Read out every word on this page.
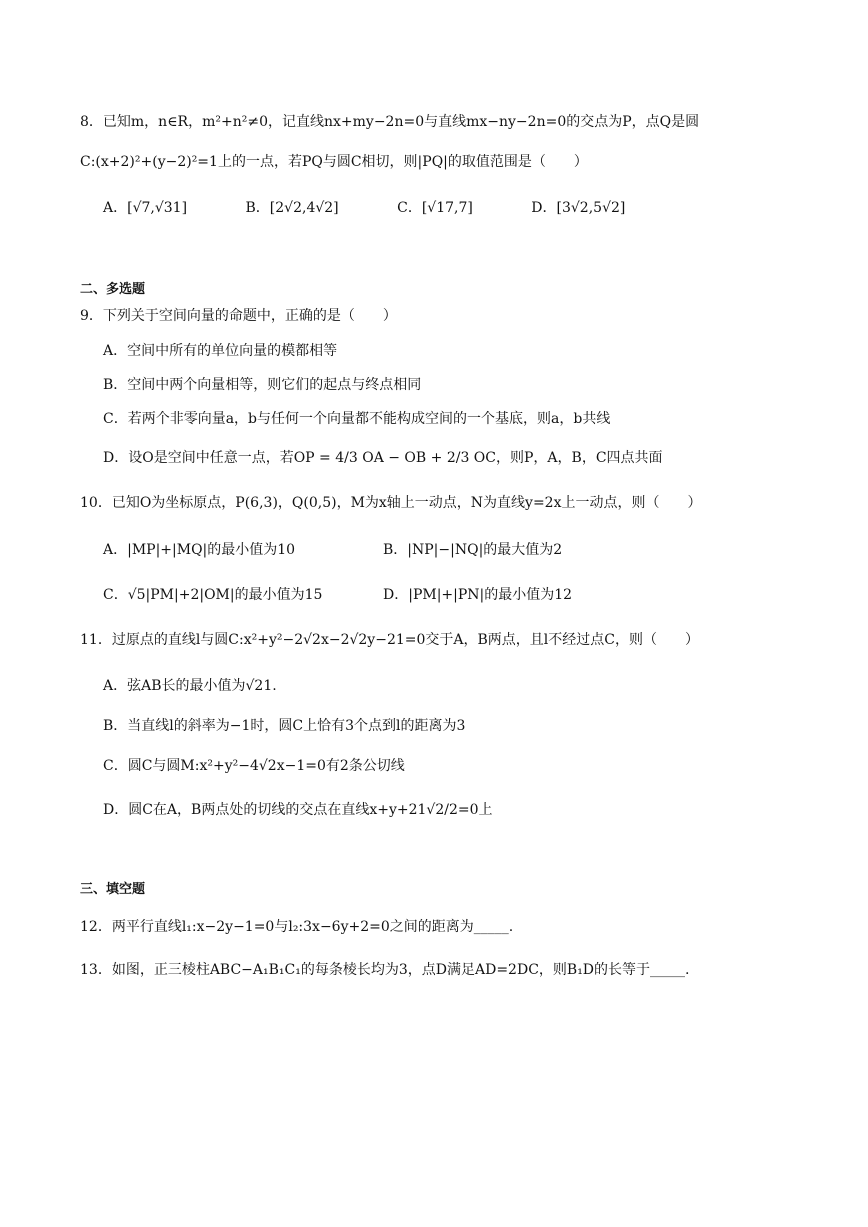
8．已知m，n∈R，m²+n²≠0，记直线nx+my−2n=0与直线mx−ny−2n=0的交点为P，点Q是圆
C:(x+2)²+(y−2)²=1上的一点，若PQ与圆C相切，则|PQ|的取值范围是（　　）
A．[√7,√31]	B．[2√2,4√2]	C．[√17,7]	D．[3√2,5√2]
二、多选题
9．下列关于空间向量的命题中，正确的是（　　）
A．空间中所有的单位向量的模都相等
B．空间中两个向量相等，则它们的起点与终点相同
C．若两个非零向量a，b与任何一个向量都不能构成空间的一个基底，则a，b共线
D．设O是空间中任意一点，若OP = 4/3 OA − OB + 2/3 OC，则P，A，B，C四点共面
10．已知O为坐标原点，P(6,3)，Q(0,5)，M为x轴上一动点，N为直线y=2x上一动点，则（　　）
A．|MP|+|MQ|的最小值为10	B．|NP|−|NQ|的最大值为2
C．√5|PM|+2|OM|的最小值为15	D．|PM|+|PN|的最小值为12
11．过原点的直线l与圆C:x²+y²−2√2x−2√2y−21=0交于A，B两点，且l不经过点C，则（　　）
A．弦AB长的最小值为√21.
B．当直线l的斜率为−1时，圆C上恰有3个点到l的距离为3
C．圆C与圆M:x²+y²−4√2x−1=0有2条公切线
D．圆C在A，B两点处的切线的交点在直线x+y+21√2/2=0上
三、填空题
12．两平行直线l₁:x−2y−1=0与l₂:3x−6y+2=0之间的距离为_____.
13．如图，正三棱柱ABC−A₁B₁C₁的每条棱长均为3，点D满足AD=2DC，则B₁D的长等于_____.
